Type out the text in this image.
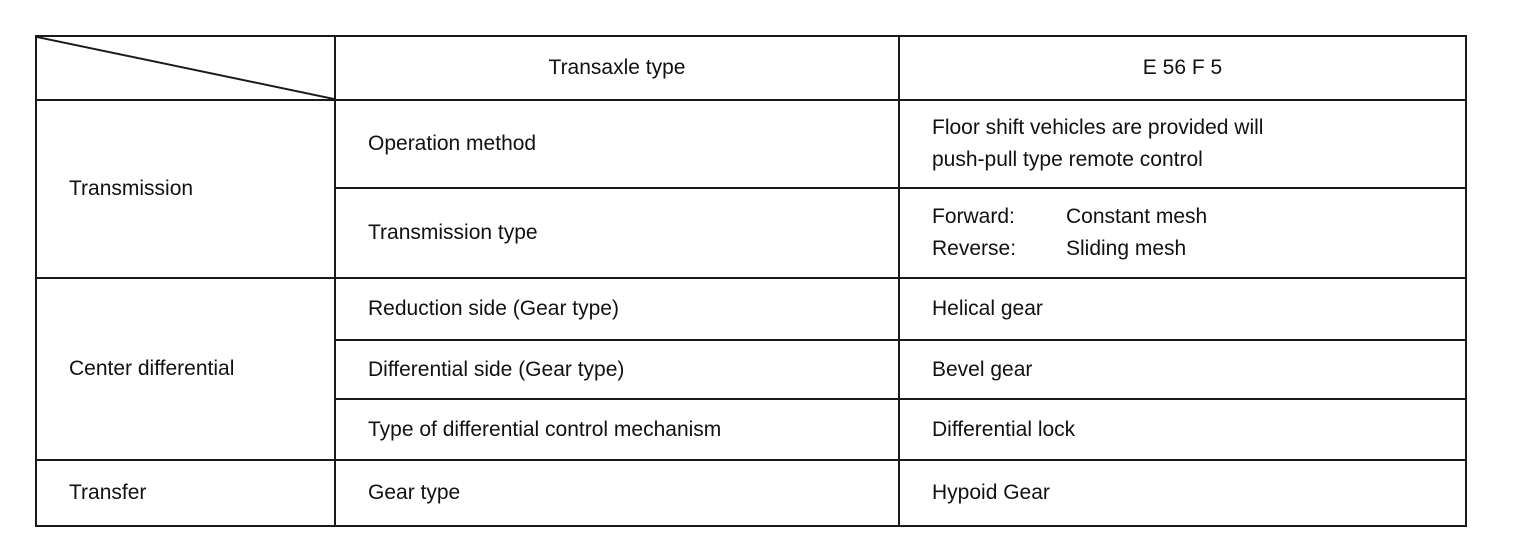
	Transaxle type	E 56 F 5
Transmission	Operation method	Floor shift vehicles are provided will
push-pull type remote control

	Transmission type	Forward: Constant mesh
Reverse: Sliding mesh

Center differential	Reduction side (Gear type)	Helical gear
	Differential side (Gear type)	Bevel gear
	Type of differential control mechanism	Differential lock
Transfer	Gear type	Hypoid Gear
